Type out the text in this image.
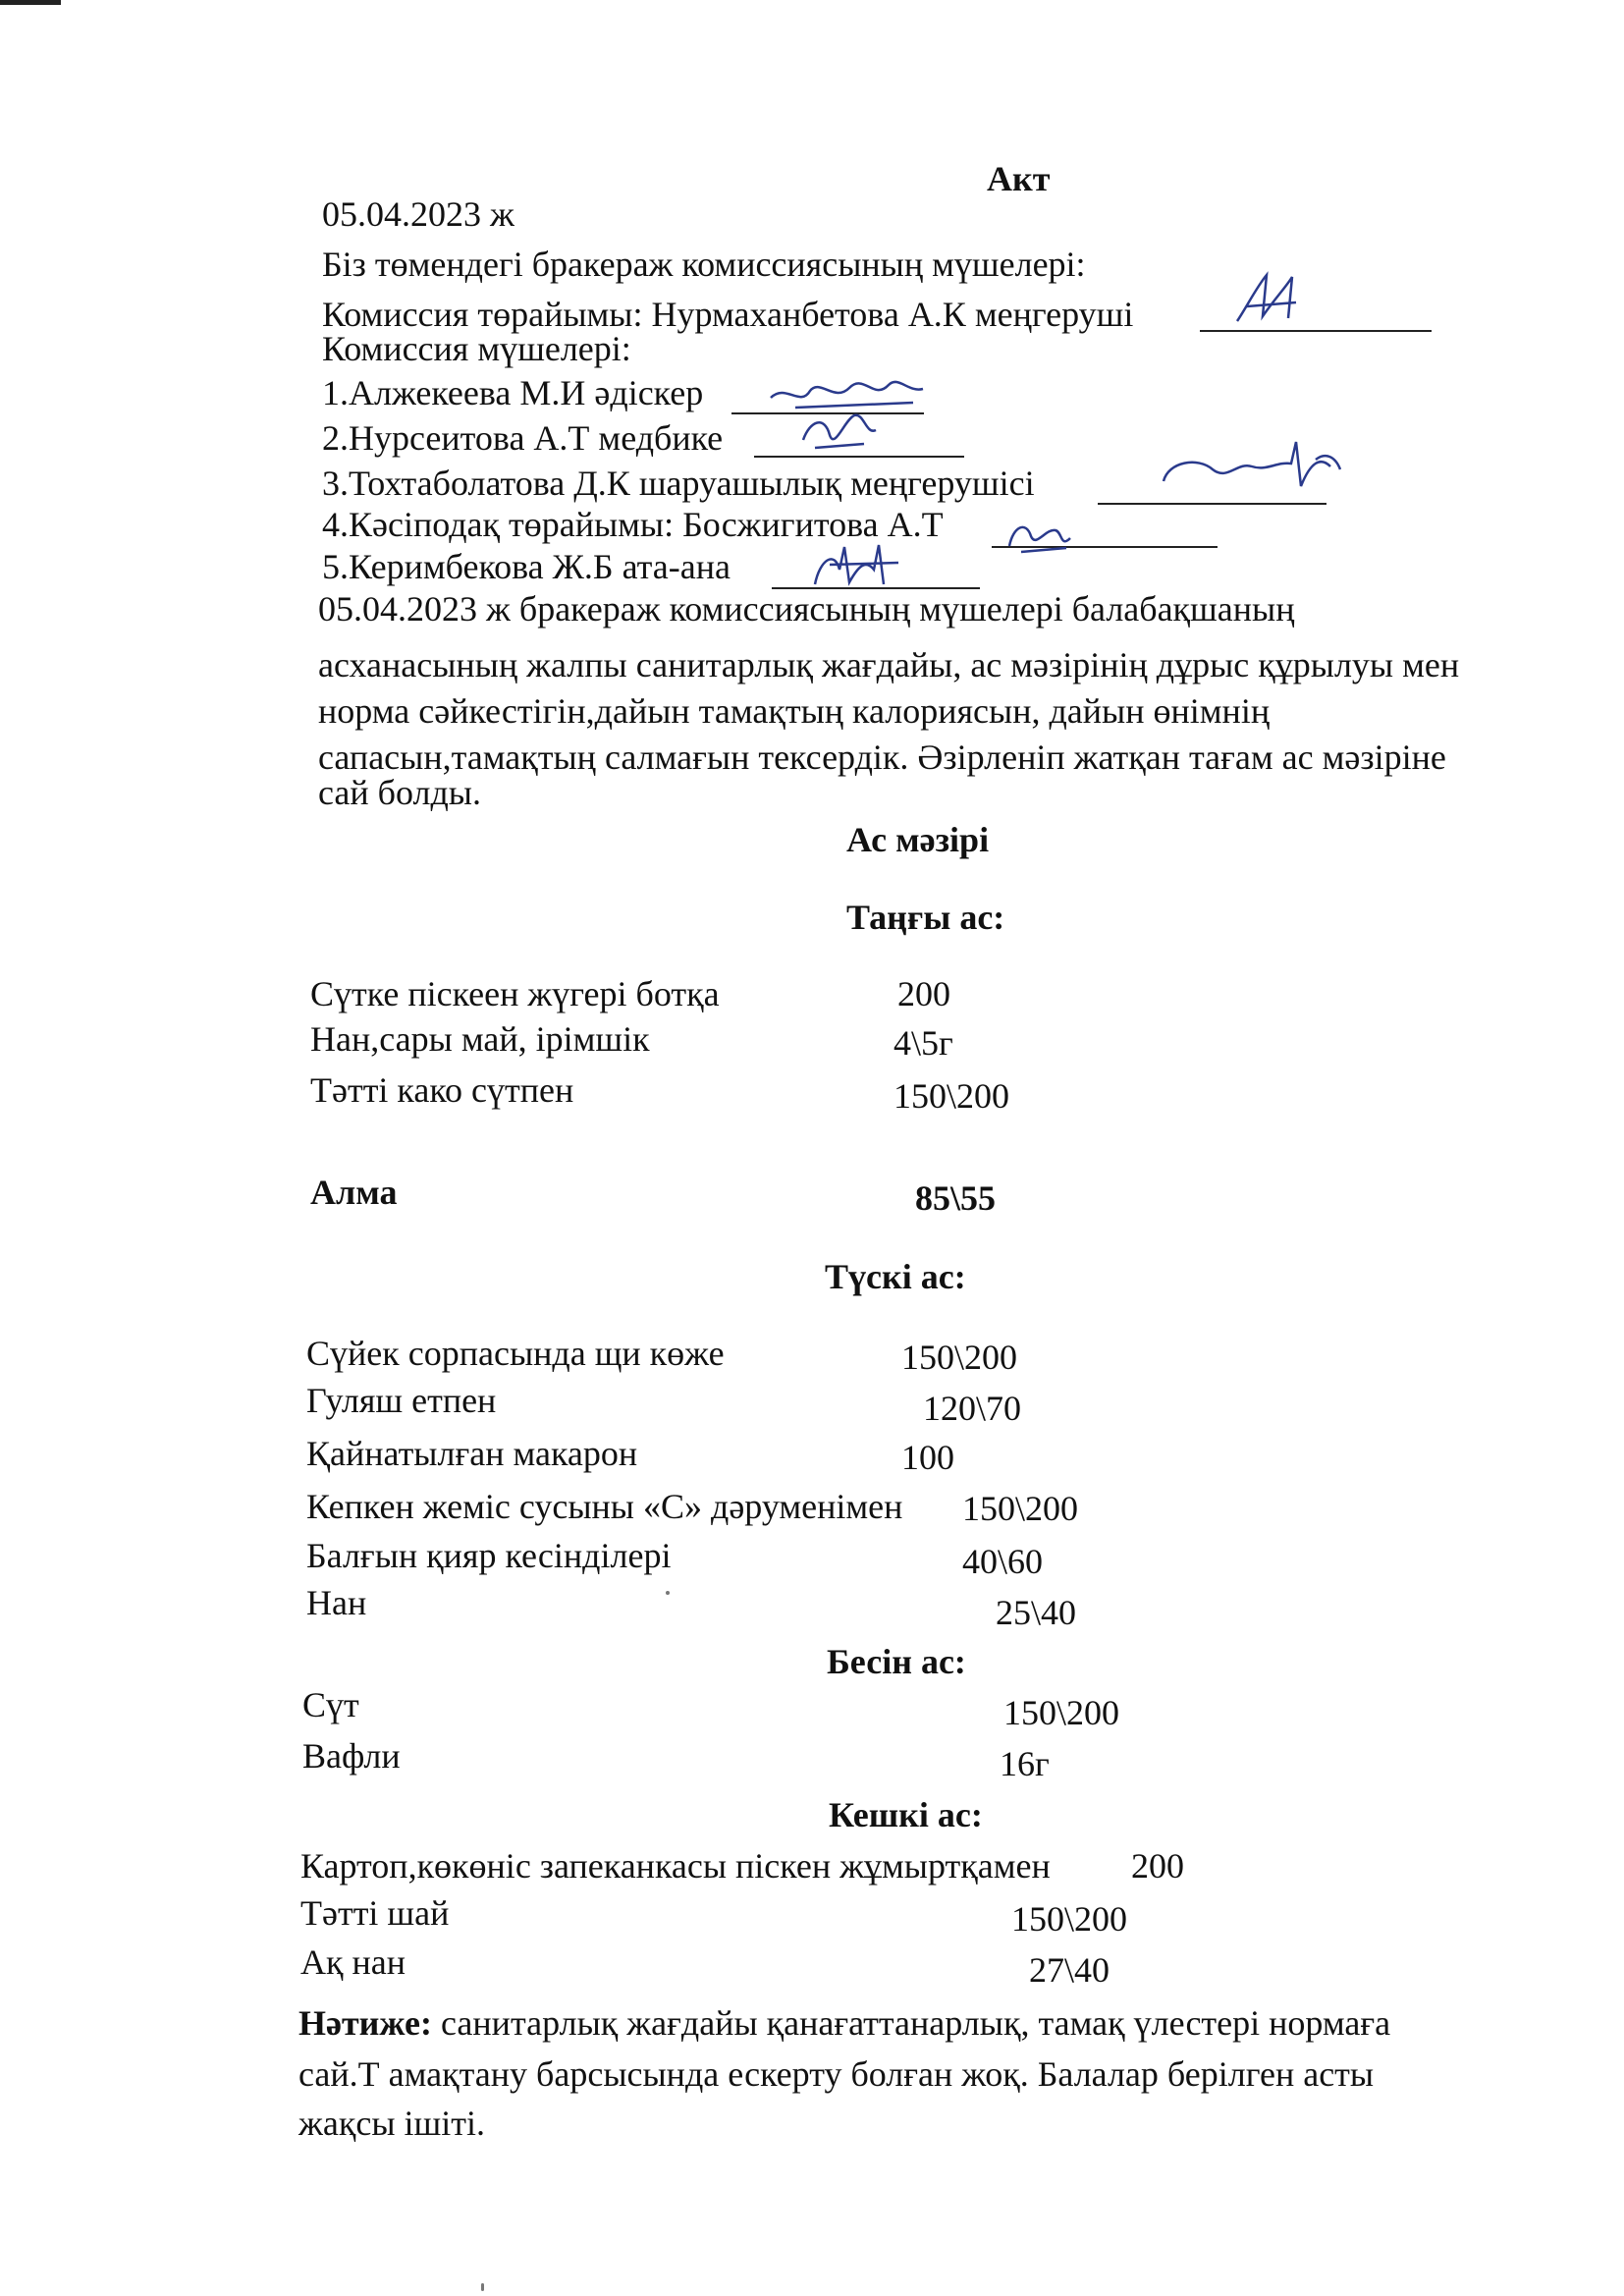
Акт
05.04.2023 ж
Біз төмендегі бракераж комиссиясының мүшелері:
Комиссия төрайымы: Нурмаханбетова А.К меңгеруші
Комиссия мүшелері:
1.Алжекеева М.И әдіскер
2.Нурсеитова А.Т медбике
3.Тохтаболатова Д.К шаруашылық меңгерушісі
4.Кәсіподақ төрайымы: Босжигитова А.Т
5.Керимбекова Ж.Б ата-ана
05.04.2023 ж бракераж комиссиясының мүшелері балабақшаның
асханасының жалпы санитарлық жағдайы, ас мәзірінің дұрыс құрылуы мен
норма сәйкестігін,дайын тамақтың калориясын, дайын өнімнің
сапасын,тамақтың салмағын тексердік. Әзірленіп жатқан тағам ас мәзіріне
сай болды.
Ас мәзірі
Таңғы ас:
Сүтке піскеен жүгері ботқа	200
Нан,сары май, ірімшік	4\5г
Тәтті како сүтпен	150\200
Алма	85\55
Түскі ас:
Сүйек сорпасында щи көже	150\200
Гуляш етпен	120\70
Қайнатылған макарон	100
Кепкен жеміс сусыны «С» дәруменімен 150\200
Балғын қияр кесінділері	40\60
Нан	25\40
Бесін ас:
Сүт	150\200
Вафли	16г
Кешкі ас:
Картоп,көкөніс запеканкасы піскен жұмыртқамен 200
Тәтті шай	150\200
Ақ нан	27\40
Нәтиже: санитарлық жағдайы қанағаттанарлық, тамақ үлестері нормаға
сай.Т амақтану барсысында ескерту болған жоқ. Балалар берілген асты
жақсы ішіті.
